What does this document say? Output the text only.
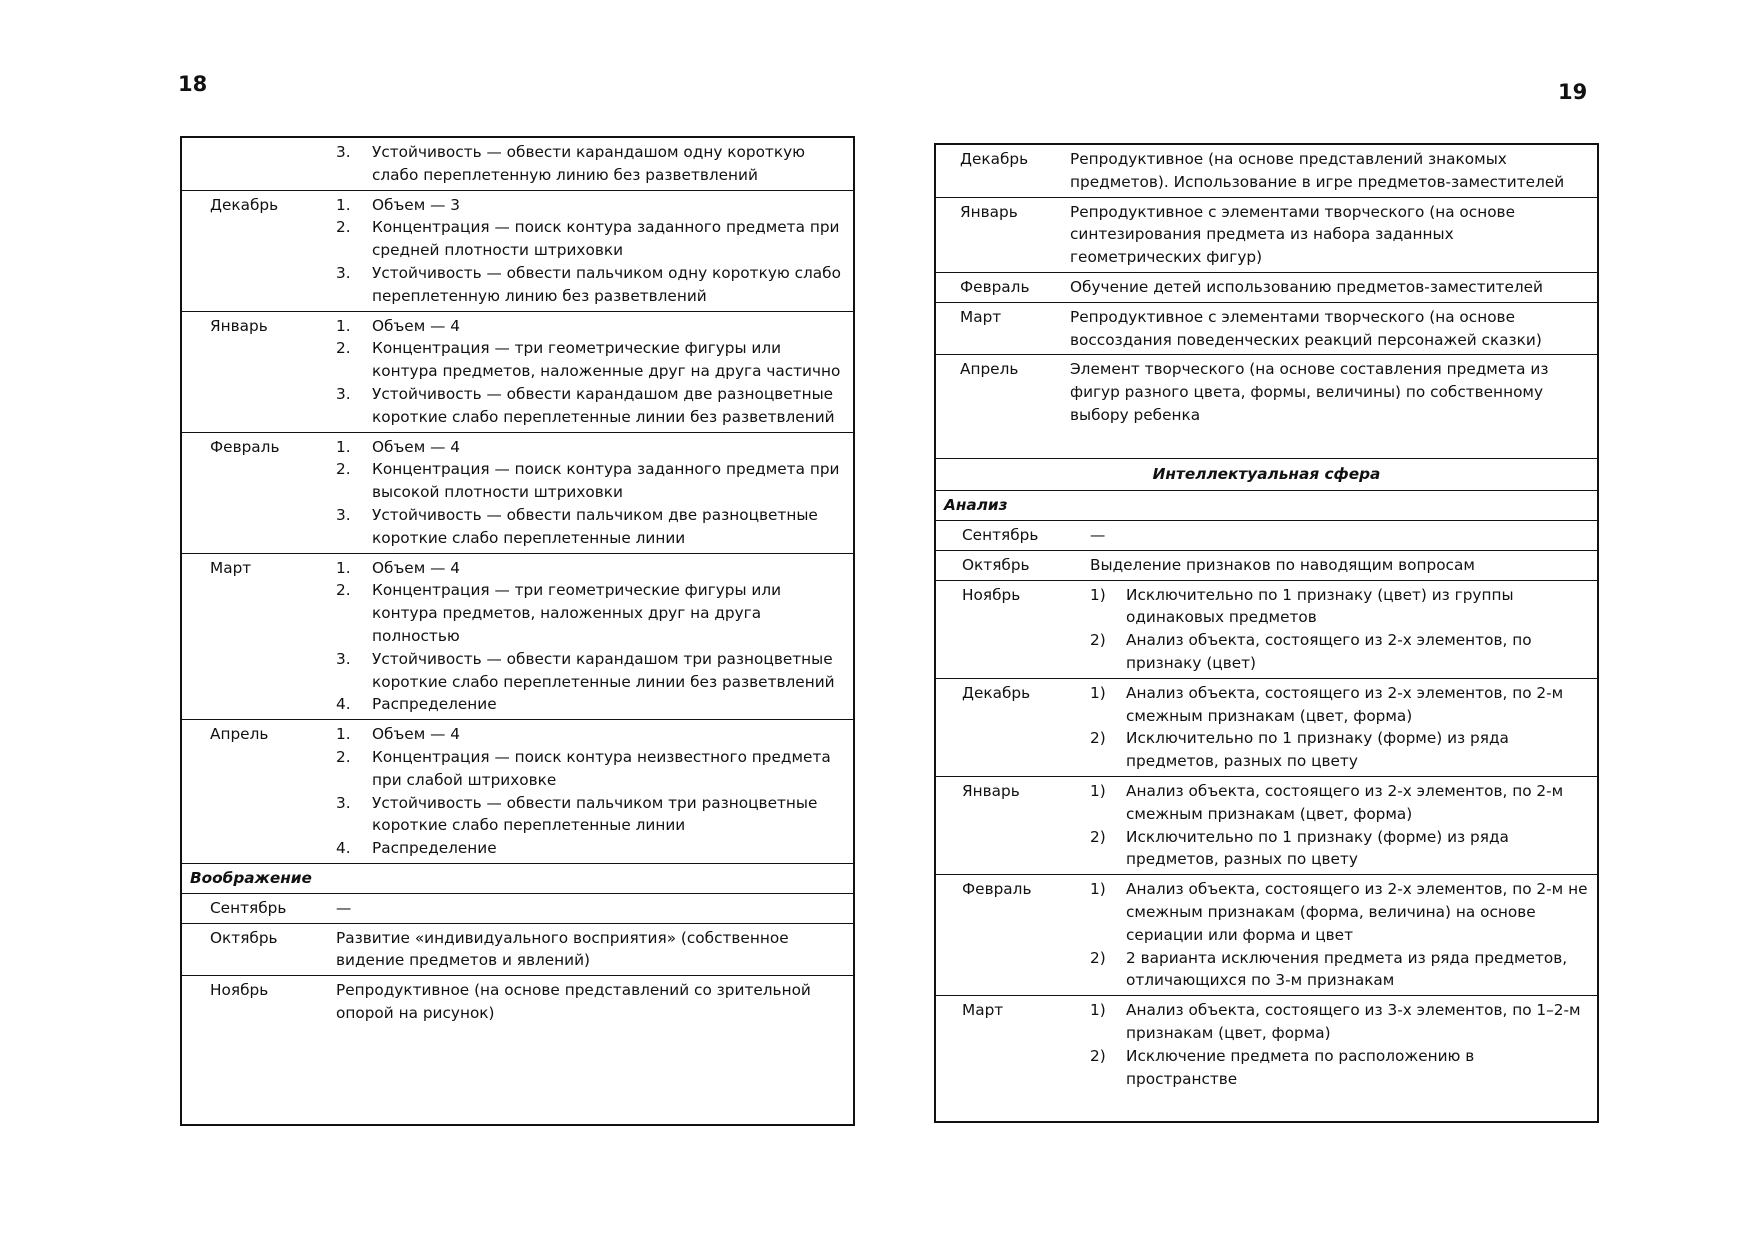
18	19
3.	Устойчивость — обвести карандашом одну короткую слабо переплетенную линию без разветвлений
Декабрь	1.	Объем — 3
2.	Концентрация — поиск контура заданного предмета при средней плотности штриховки
3.	Устойчивость — обвести пальчиком одну короткую слабо переплетенную линию без разветвлений
Январь	1.	Объем — 4
2.	Концентрация — три геометрические фигуры или контура предметов, наложенные друг на друга частично
3.	Устойчивость — обвести карандашом две разноцветные короткие слабо переплетенные линии без разветвлений
Февраль	1.	Объем — 4
2.	Концентрация — поиск контура заданного предмета при высокой плотности штриховки
3.	Устойчивость — обвести пальчиком две разноцветные короткие слабо переплетенные линии
Март	1.	Объем — 4
2.	Концентрация — три геометрические фигуры или контура предметов, наложенных друг на друга полностью
3.	Устойчивость — обвести карандашом три разноцветные короткие слабо переплетенные линии без разветвлений
4.	Распределение
Апрель	1.	Объем — 4
2.	Концентрация — поиск контура неизвестного предмета при слабой штриховке
3.	Устойчивость — обвести пальчиком три разноцветные короткие слабо переплетенные линии
4.	Распределение
Воображение
Сентябрь	—
Октябрь	Развитие «индивидуального восприятия» (собственное видение предметов и явлений)
Ноябрь	Репродуктивное (на основе представлений со зрительной опорой на рисунок)
Декабрь	Репродуктивное (на основе представлений знакомых предметов). Использование в игре предметов-заместителей
Январь	Репродуктивное с элементами творческого (на основе синтезирования предмета из набора заданных геометрических фигур)
Февраль	Обучение детей использованию предметов-заместителей
Март	Репродуктивное с элементами творческого (на основе воссоздания поведенческих реакций персонажей сказки)
Апрель	Элемент творческого (на основе составления предмета из фигур разного цвета, формы, величины) по собственному выбору ребенка
Интеллектуальная сфера
Анализ
Сентябрь	—
Октябрь	Выделение признаков по наводящим вопросам
Ноябрь	1)	Исключительно по 1 признаку (цвет) из группы одинаковых предметов
2)	Анализ объекта, состоящего из 2-х элементов, по признаку (цвет)
Декабрь	1)	Анализ объекта, состоящего из 2-х элементов, по 2-м смежным признакам (цвет, форма)
2)	Исключительно по 1 признаку (форме) из ряда предметов, разных по цвету
Январь	1)	Анализ объекта, состоящего из 2-х элементов, по 2-м смежным признакам (цвет, форма)
2)	Исключительно по 1 признаку (форме) из ряда предметов, разных по цвету
Февраль	1)	Анализ объекта, состоящего из 2-х элементов, по 2-м не смежным признакам (форма, величина) на основе сериации или форма и цвет
2)	2 варианта исключения предмета из ряда предметов, отличающихся по 3-м признакам
Март	1)	Анализ объекта, состоящего из 3-х элементов, по 1–2-м признакам (цвет, форма)
2)	Исключение предмета по расположению в пространстве
